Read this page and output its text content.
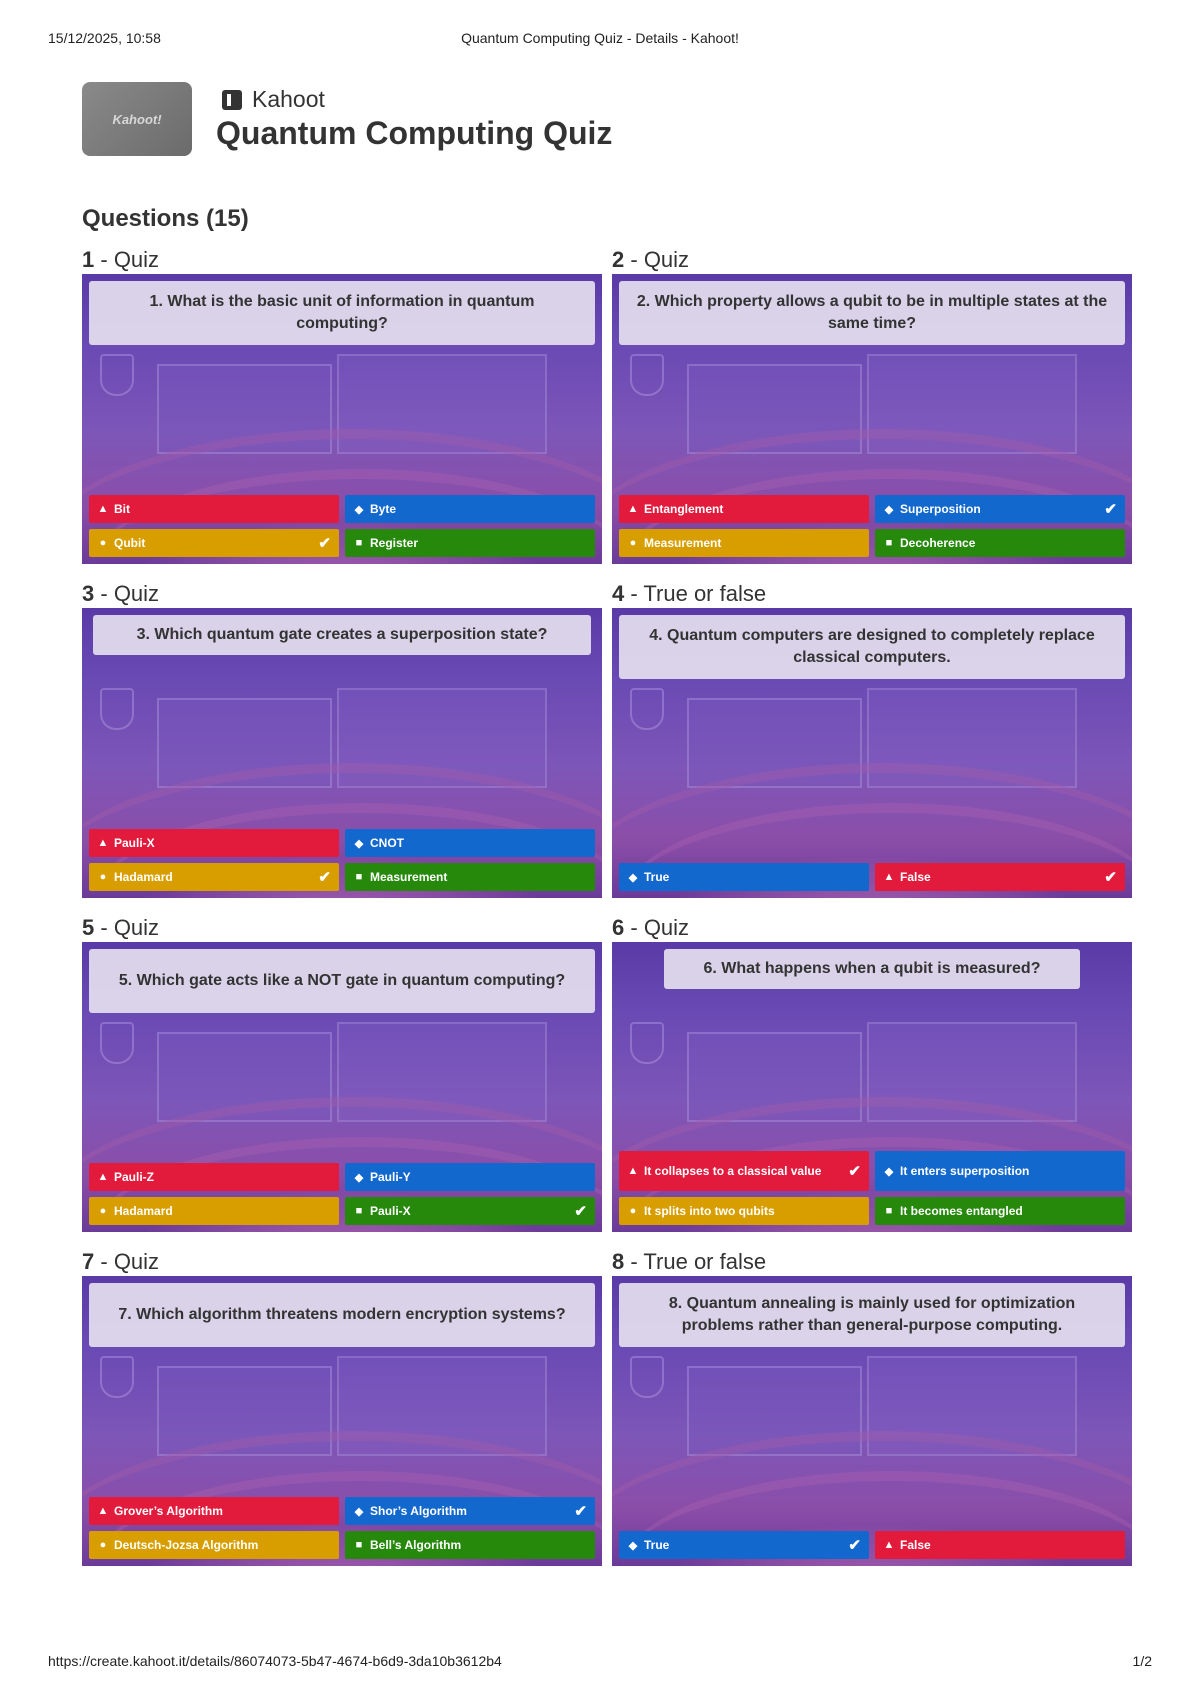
15/12/2025, 10:58	Quantum Computing Quiz - Details - Kahoot!
Kahoot!
Kahoot
Quantum Computing Quiz
Questions (15)
1 - Quiz
1. What is the basic unit of information in quantum computing?
▲ Bit	◆ Byte
● Qubit	✔ ■ Register
2 - Quiz
2. Which property allows a qubit to be in multiple states at the same time?
▲ Entanglement	◆ Superposition	✔
● Measurement	■ Decoherence
3 - Quiz
3. Which quantum gate creates a superposition state?
▲ Pauli-X	◆ CNOT
● Hadamard	✔ ■ Measurement
4 - True or false
4. Quantum computers are designed to completely replace classical computers.
◆ True	▲ False	✔
5 - Quiz
5. Which gate acts like a NOT gate in quantum computing?
▲ Pauli-Z	◆ Pauli-Y
● Hadamard	■ Pauli-X	✔
6 - Quiz
6. What happens when a qubit is measured?
▲ It collapses to a classical value ✔ ◆ It enters superposition
● It splits into two qubits	■ It becomes entangled
7 - Quiz
7. Which algorithm threatens modern encryption systems?
▲ Grover’s Algorithm	◆ Shor’s Algorithm	✔
● Deutsch-Jozsa Algorithm	■ Bell’s Algorithm
8 - True or false
8. Quantum annealing is mainly used for optimization problems rather than general-purpose computing.
◆ True	✔ ▲ False
https://create.kahoot.it/details/86074073-5b47-4674-b6d9-3da10b3612b4	1/2
